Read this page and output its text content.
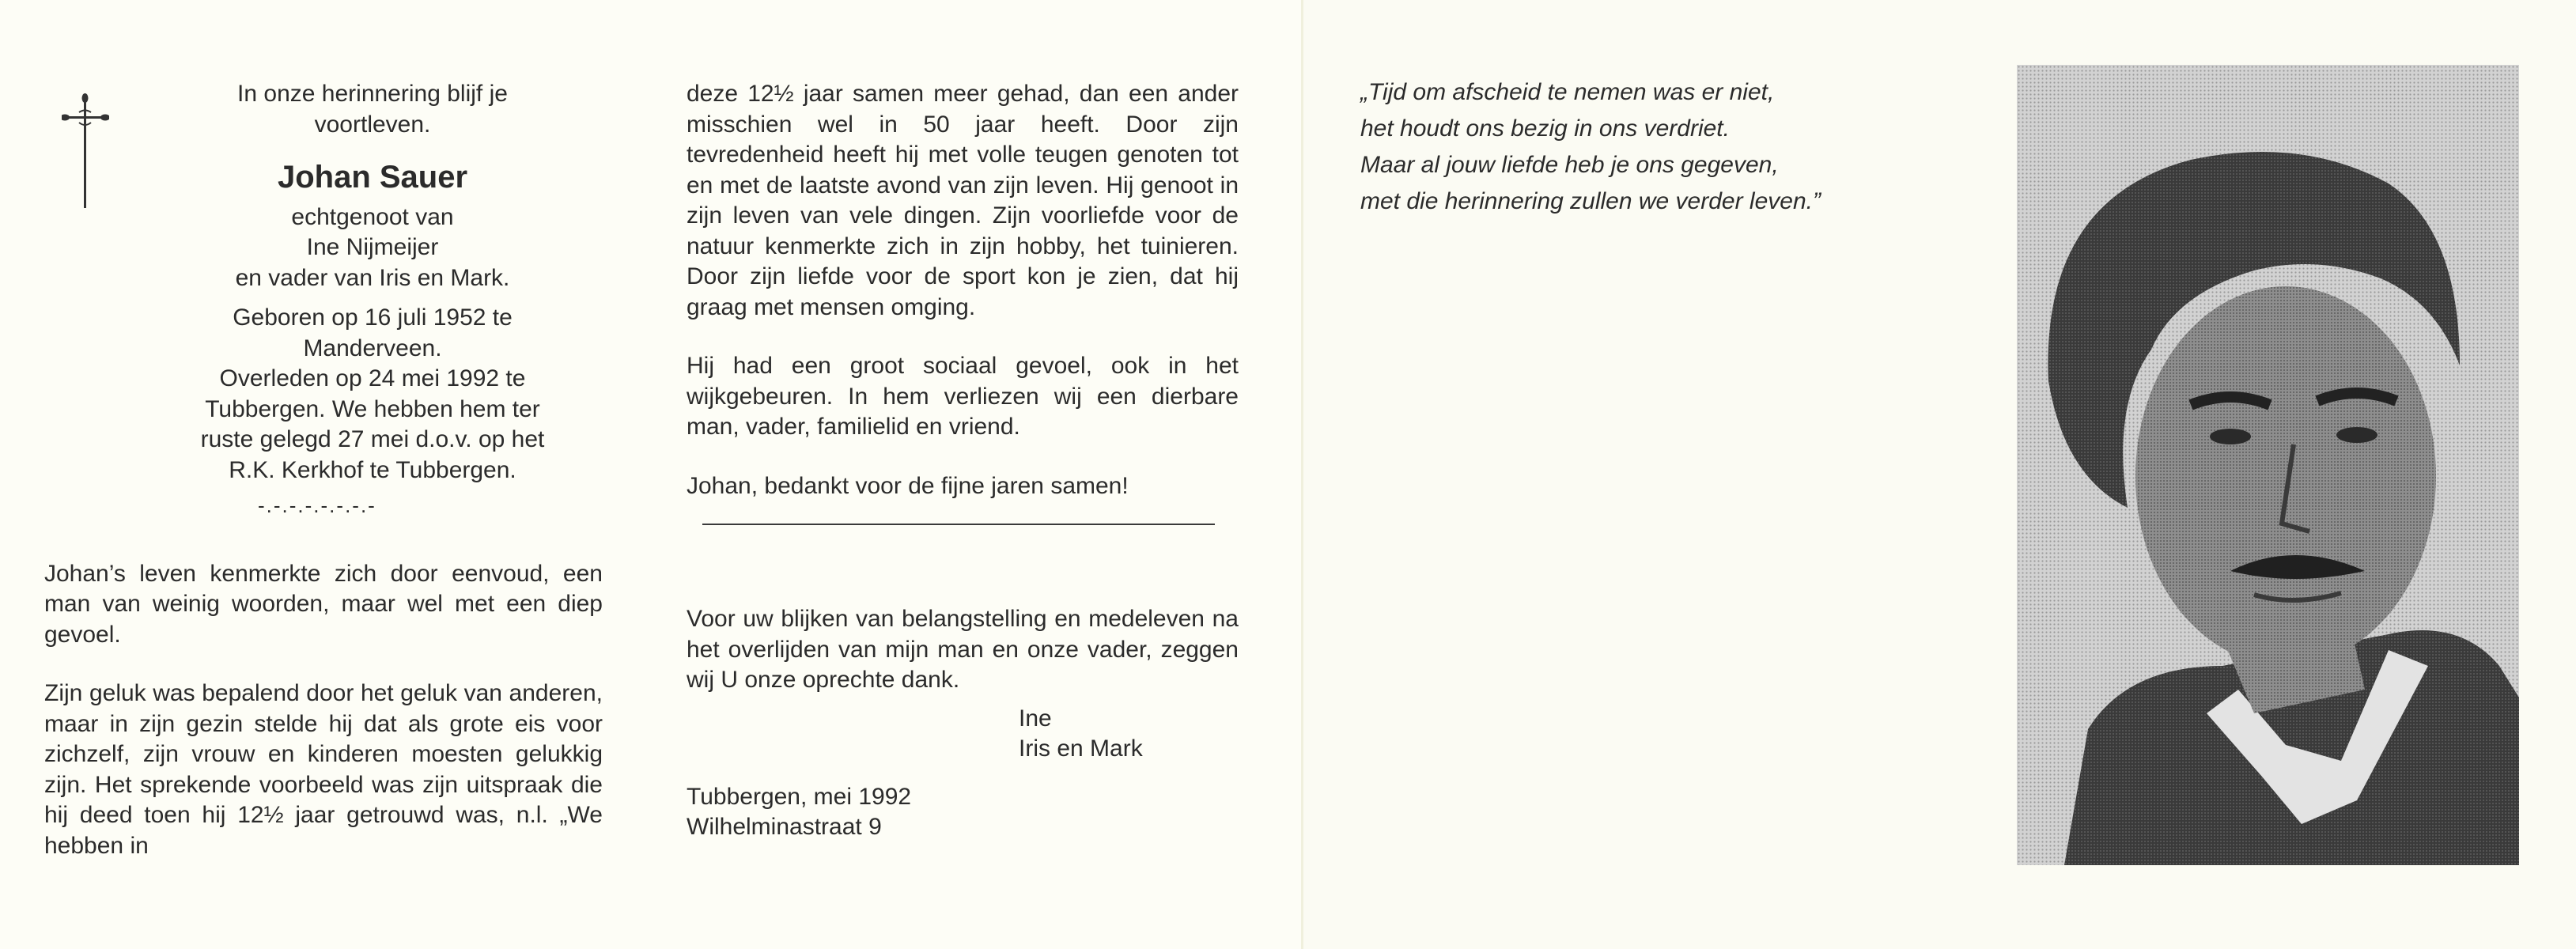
In onze herinnering blijf je voortleven.
Johan Sauer
echtgenoot van
Ine Nijmeijer
en vader van Iris en Mark.
Geboren op 16 juli 1952 te
Manderveen.
Overleden op 24 mei 1992 te
Tubbergen. We hebben hem ter
ruste gelegd 27 mei d.o.v. op het
R.K. Kerkhof te Tubbergen.
-.-.-.-.-.-.-.-
Johan’s leven kenmerkte zich door eenvoud, een man van weinig woorden, maar wel met een diep gevoel.
Zijn geluk was bepalend door het geluk van anderen, maar in zijn gezin stelde hij dat als grote eis voor zichzelf, zijn vrouw en kinderen moesten gelukkig zijn. Het sprekende voorbeeld was zijn uitspraak die hij deed toen hij 12½ jaar getrouwd was, n.l. „We hebben in
deze 12½ jaar samen meer gehad, dan een ander misschien wel in 50 jaar heeft. Door zijn tevredenheid heeft hij met volle teugen genoten tot en met de laatste avond van zijn leven. Hij genoot in zijn leven van vele dingen. Zijn voorliefde voor de natuur kenmerkte zich in zijn hobby, het tuinieren. Door zijn liefde voor de sport kon je zien, dat hij graag met mensen omging.
Hij had een groot sociaal gevoel, ook in het wijkgebeuren. In hem verliezen wij een dierbare man, vader, familielid en vriend.
Johan, bedankt voor de fijne jaren samen!
Voor uw blijken van belangstelling en medeleven na het overlijden van mijn man en onze vader, zeggen wij U onze oprechte dank.
Ine
Iris en Mark
Tubbergen, mei 1992
Wilhelminastraat 9
„Tijd om afscheid te nemen was er niet,
het houdt ons bezig in ons verdriet.
Maar al jouw liefde heb je ons gegeven,
met die herinnering zullen we verder leven.”
